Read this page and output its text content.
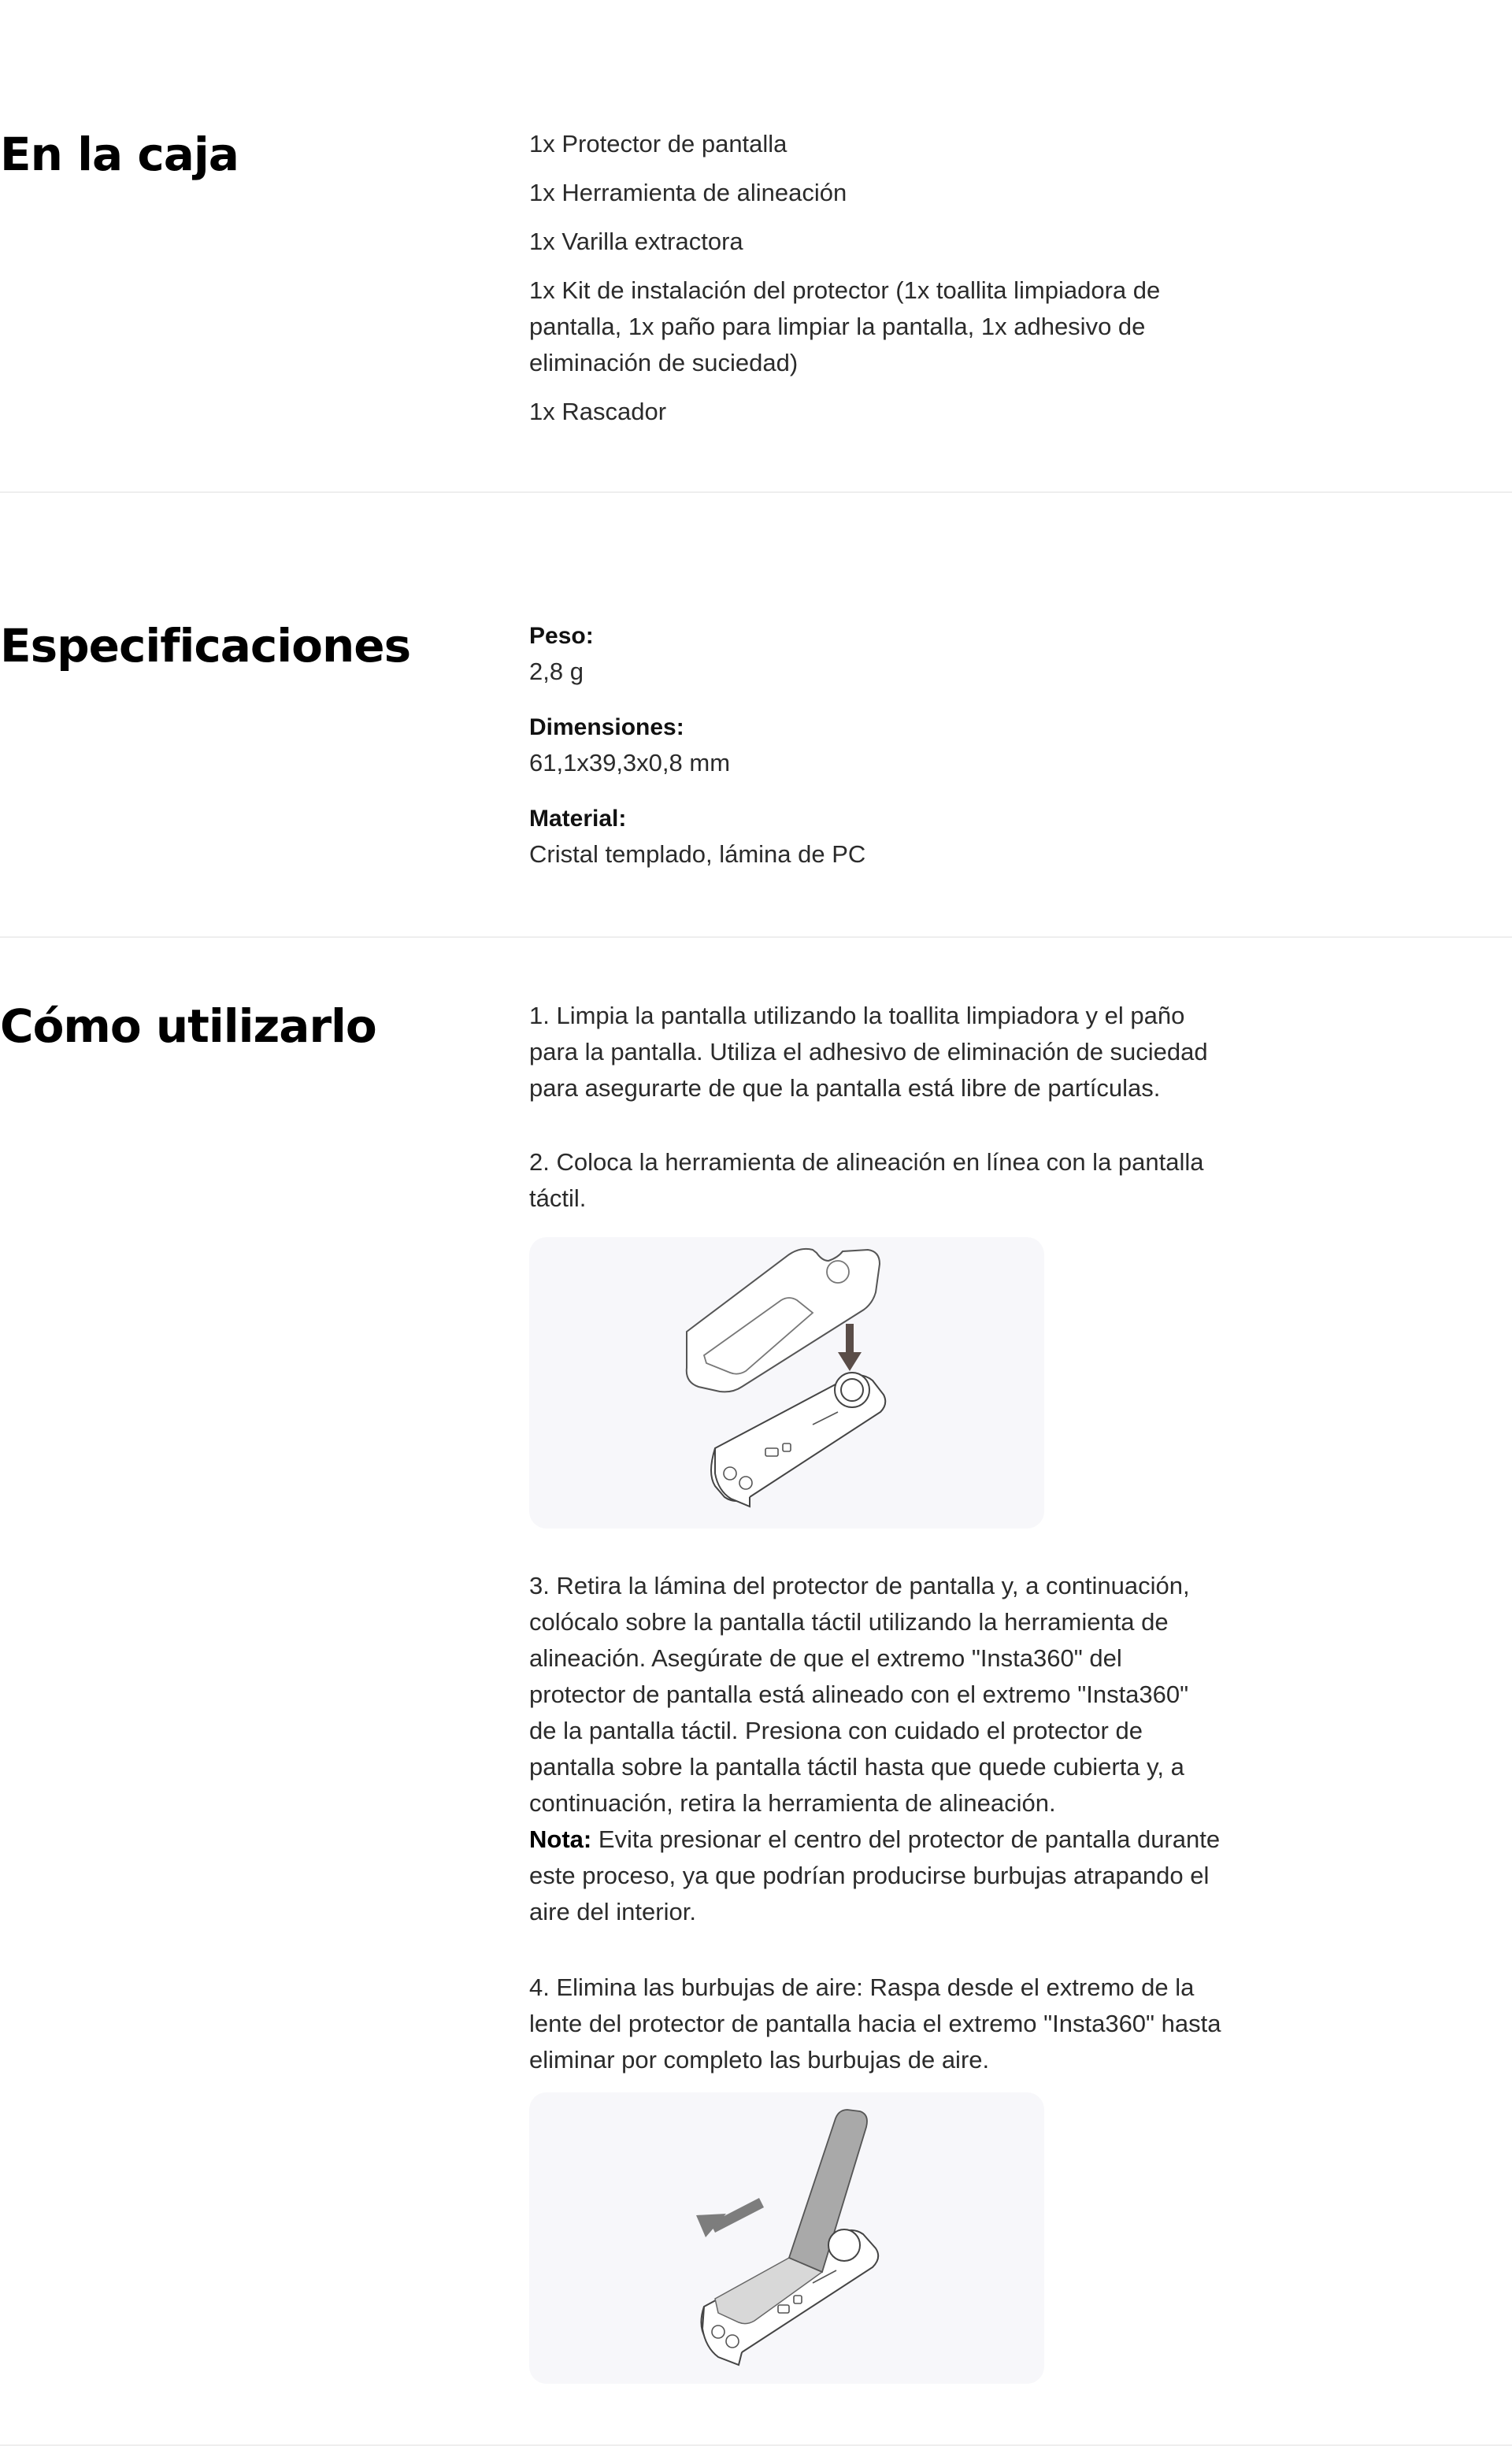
En la caja	1x Protector de pantalla

1x Herramienta de alineación

1x Varilla extractora

1x Kit de instalación del protector (1x toallita limpiadora de pantalla, 1x paño para limpiar la pantalla, 1x adhesivo de eliminación de suciedad)

1x Rascador

Especificaciones	Peso:

2,8 g

Dimensiones:

61,1x39,3x0,8 mm

Material:

Cristal templado, lámina de PC

Cómo utilizarlo	1. Limpia la pantalla utilizando la toallita limpiadora y el paño para la pantalla. Utiliza el adhesivo de eliminación de suciedad para asegurarte de que la pantalla está libre de partículas.

2. Coloca la herramienta de alineación en línea con la pantalla táctil.

3. Retira la lámina del protector de pantalla y, a continuación, colócalo sobre la pantalla táctil utilizando la herramienta de alineación. Asegúrate de que el extremo "Insta360" del protector de pantalla está alineado con el extremo "Insta360" de la pantalla táctil. Presiona con cuidado el protector de pantalla sobre la pantalla táctil hasta que quede cubierta y, a continuación, retira la herramienta de alineación.

Nota: Evita presionar el centro del protector de pantalla durante este proceso, ya que podrían producirse burbujas atrapando el aire del interior.

4. Elimina las burbujas de aire: Raspa desde el extremo de la lente del protector de pantalla hacia el extremo "Insta360" hasta eliminar por completo las burbujas de aire.
